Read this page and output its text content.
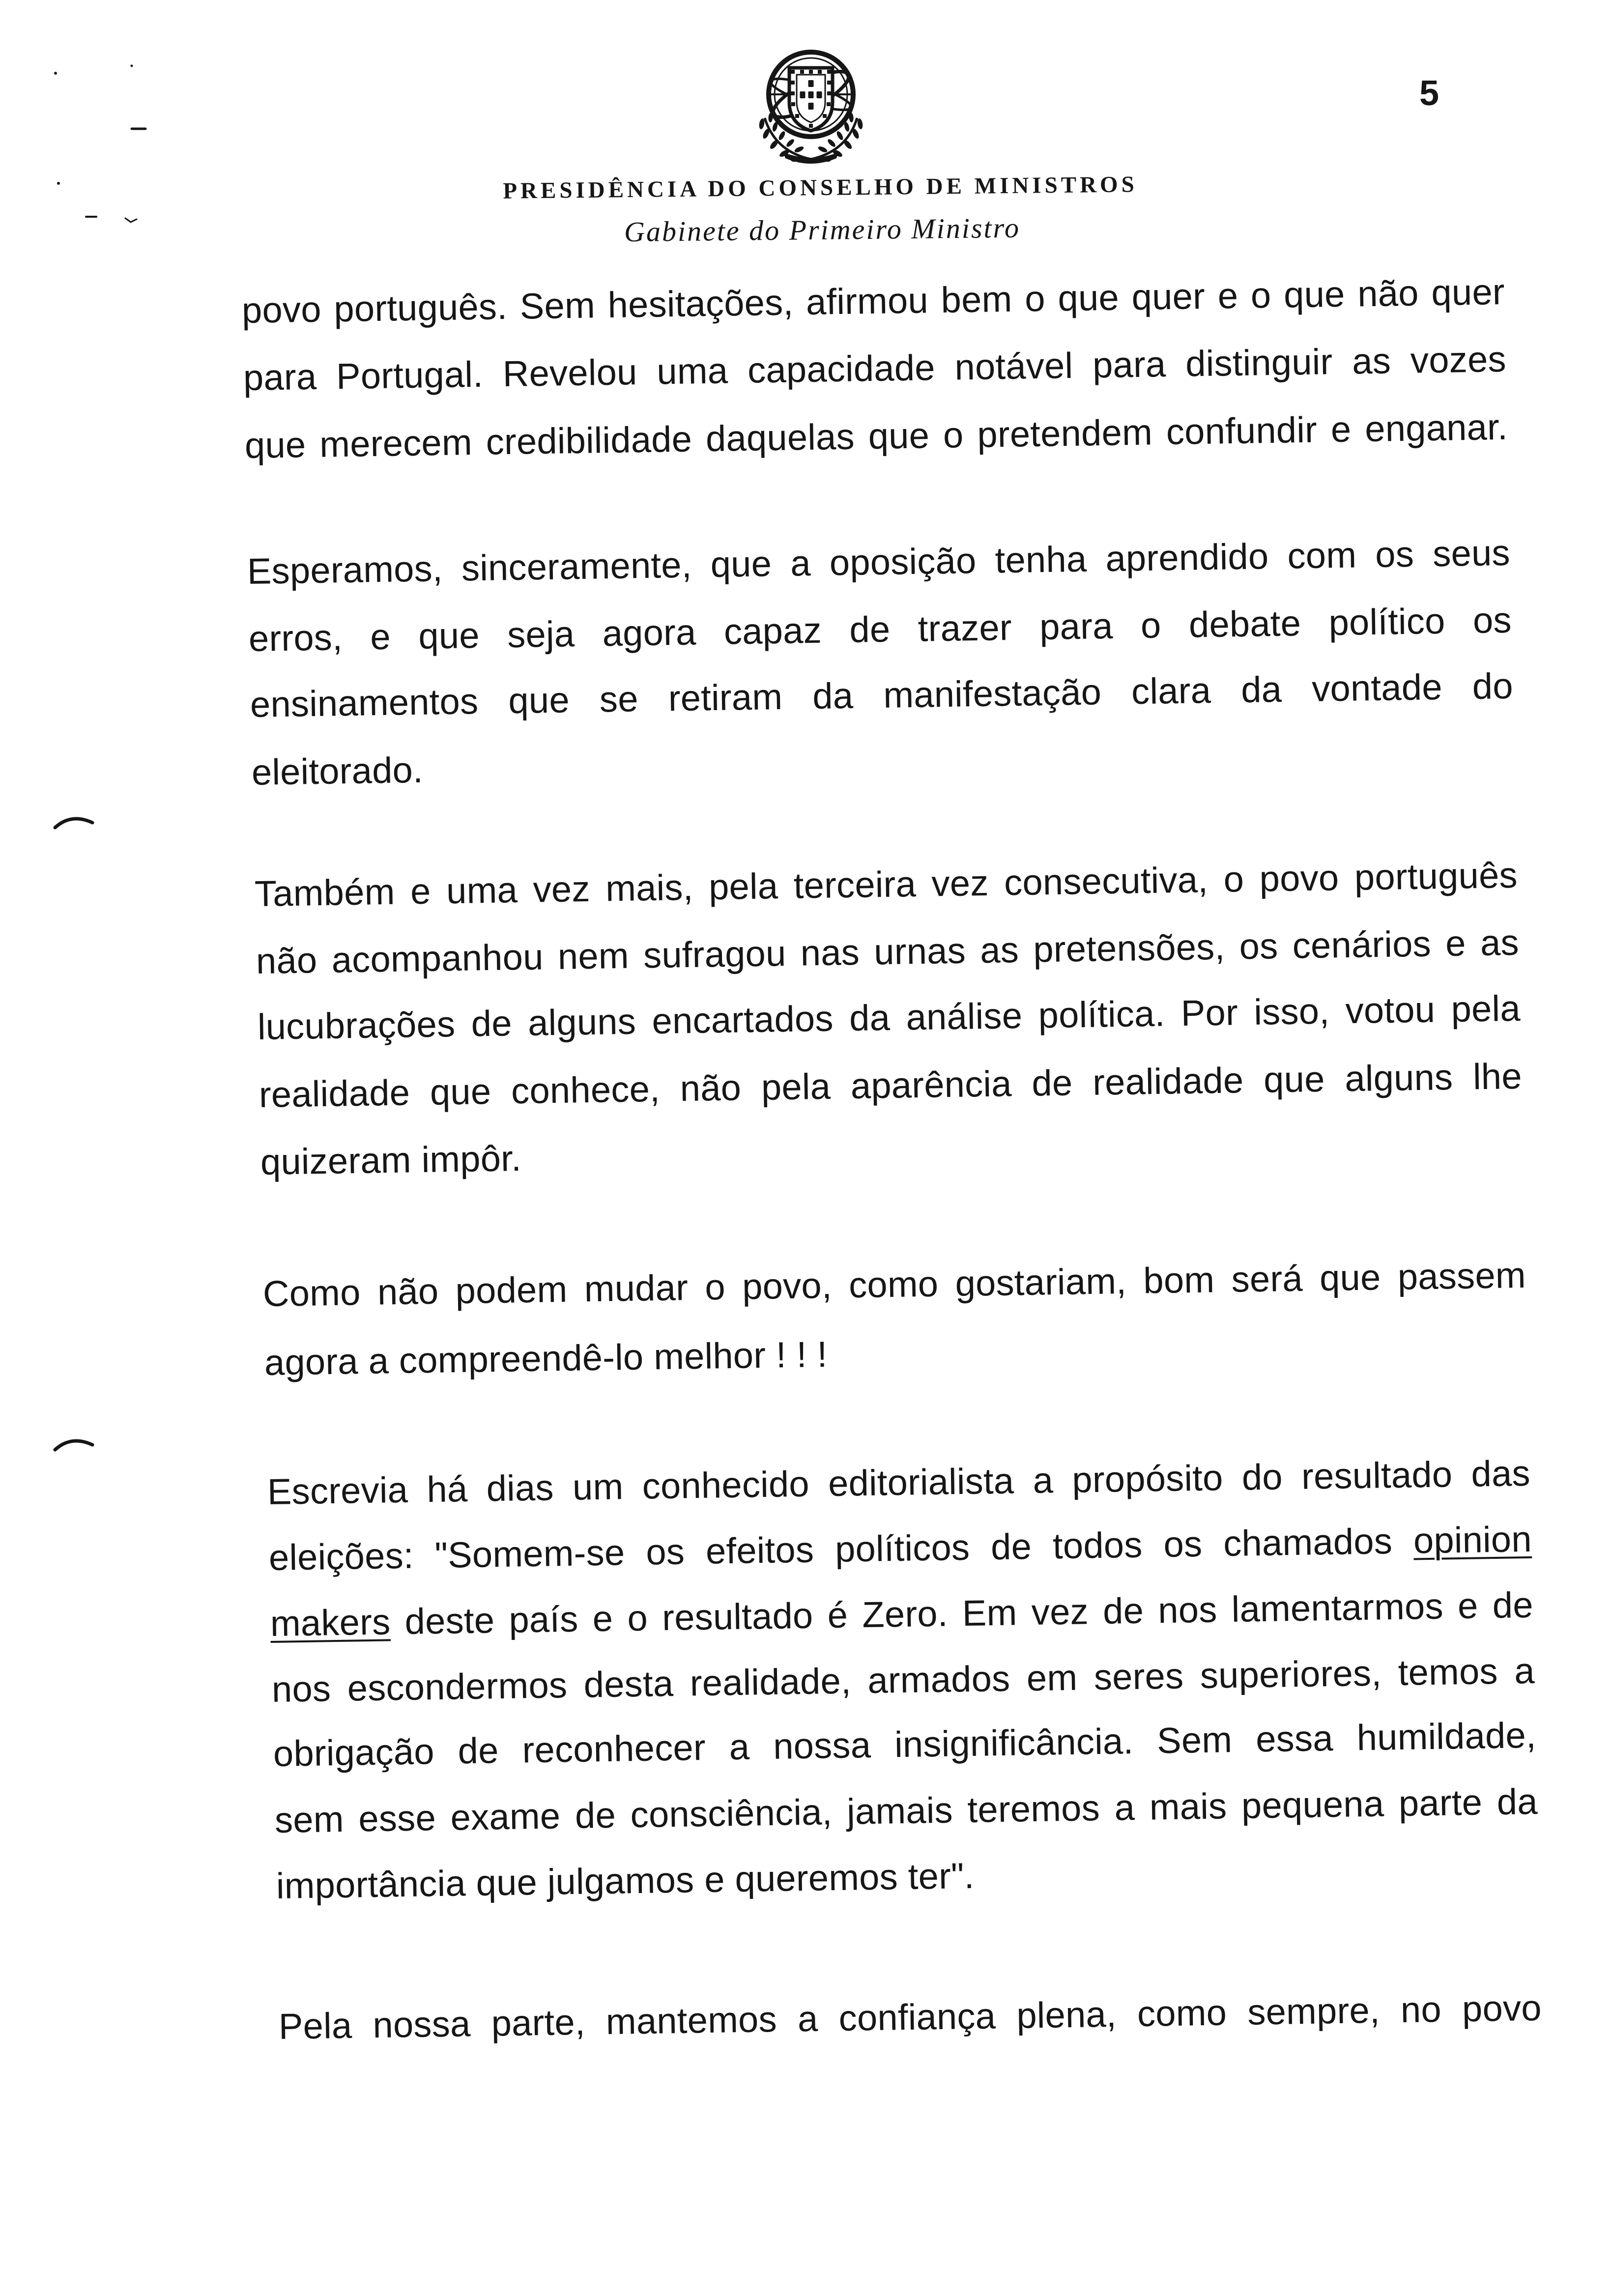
5
PRESIDÊNCIA DO CONSELHO DE MINISTROS
Gabinete do Primeiro Ministro
povo português. Sem hesitações, afirmou bem o que quer e o que não quer
para Portugal. Revelou uma capacidade notável para distinguir as vozes
que merecem credibilidade daquelas que o pretendem confundir e enganar.
Esperamos, sinceramente, que a oposição tenha aprendido com os seus
erros, e que seja agora capaz de trazer para o debate político os
ensinamentos que se retiram da manifestação clara da vontade do
eleitorado.
Também e uma vez mais, pela terceira vez consecutiva, o povo português
não acompanhou nem sufragou nas urnas as pretensões, os cenários e as
lucubrações de alguns encartados da análise política. Por isso, votou pela
realidade que conhece, não pela aparência de realidade que alguns lhe
quizeram impôr.
Como não podem mudar o povo, como gostariam, bom será que passem
agora a compreendê-lo melhor ! ! !
Escrevia há dias um conhecido editorialista a propósito do resultado das
eleições: "Somem-se os efeitos políticos de todos os chamados opinion
makers deste país e o resultado é Zero. Em vez de nos lamentarmos e de
nos escondermos desta realidade, armados em seres superiores, temos a
obrigação de reconhecer a nossa insignificância. Sem essa humildade,
sem esse exame de consciência, jamais teremos a mais pequena parte da
importância que julgamos e queremos ter".
Pela nossa parte, mantemos a confiança plena, como sempre, no povo
